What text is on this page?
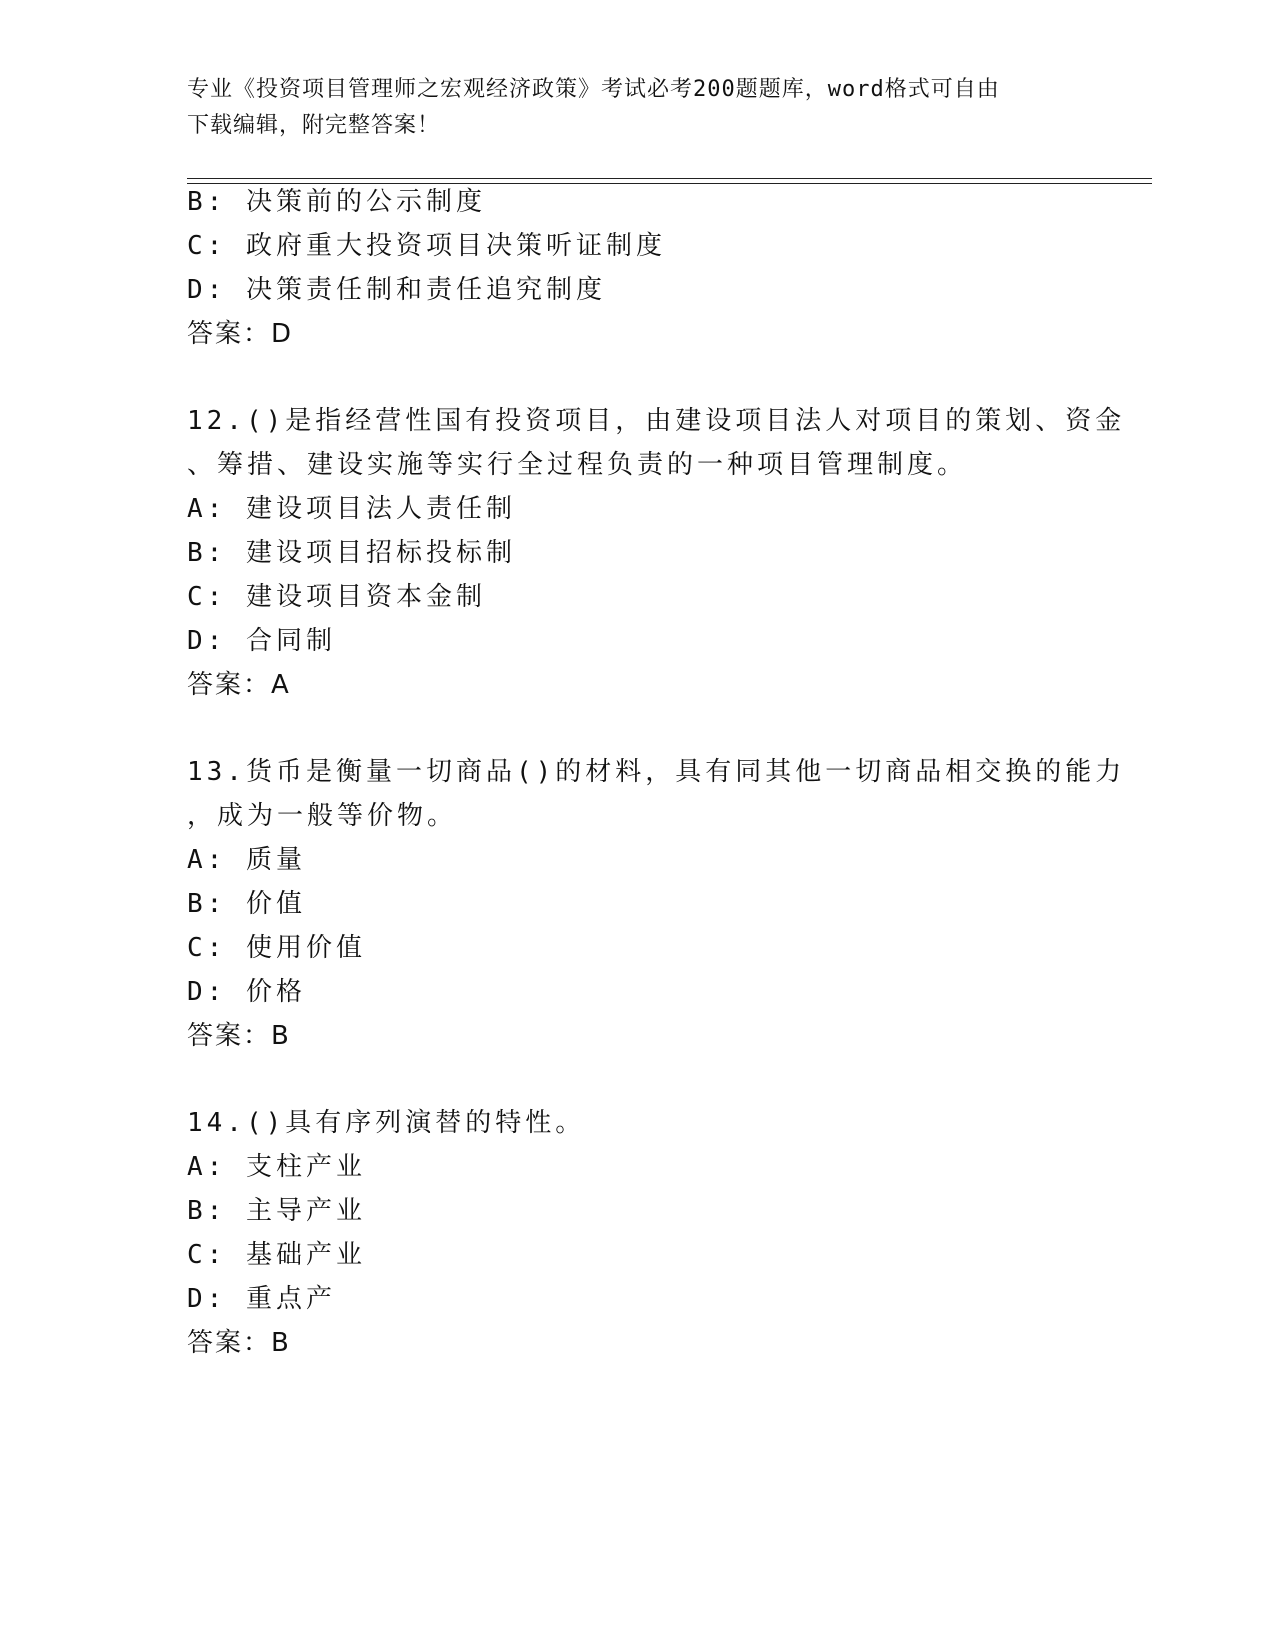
专业《投资项目管理师之宏观经济政策》考试必考200题题库，word格式可自由
下载编辑，附完整答案！
B: 决策前的公示制度
C: 政府重大投资项目决策听证制度
D: 决策责任制和责任追究制度
答案：D
12.()是指经营性国有投资项目，由建设项目法人对项目的策划、资金
、筹措、建设实施等实行全过程负责的一种项目管理制度。
A: 建设项目法人责任制
B: 建设项目招标投标制
C: 建设项目资本金制
D: 合同制
答案：A
13.货币是衡量一切商品()的材料，具有同其他一切商品相交换的能力
，成为一般等价物。
A: 质量
B: 价值
C: 使用价值
D: 价格
答案：B
14.()具有序列演替的特性。
A: 支柱产业
B: 主导产业
C: 基础产业
D: 重点产
答案：B
